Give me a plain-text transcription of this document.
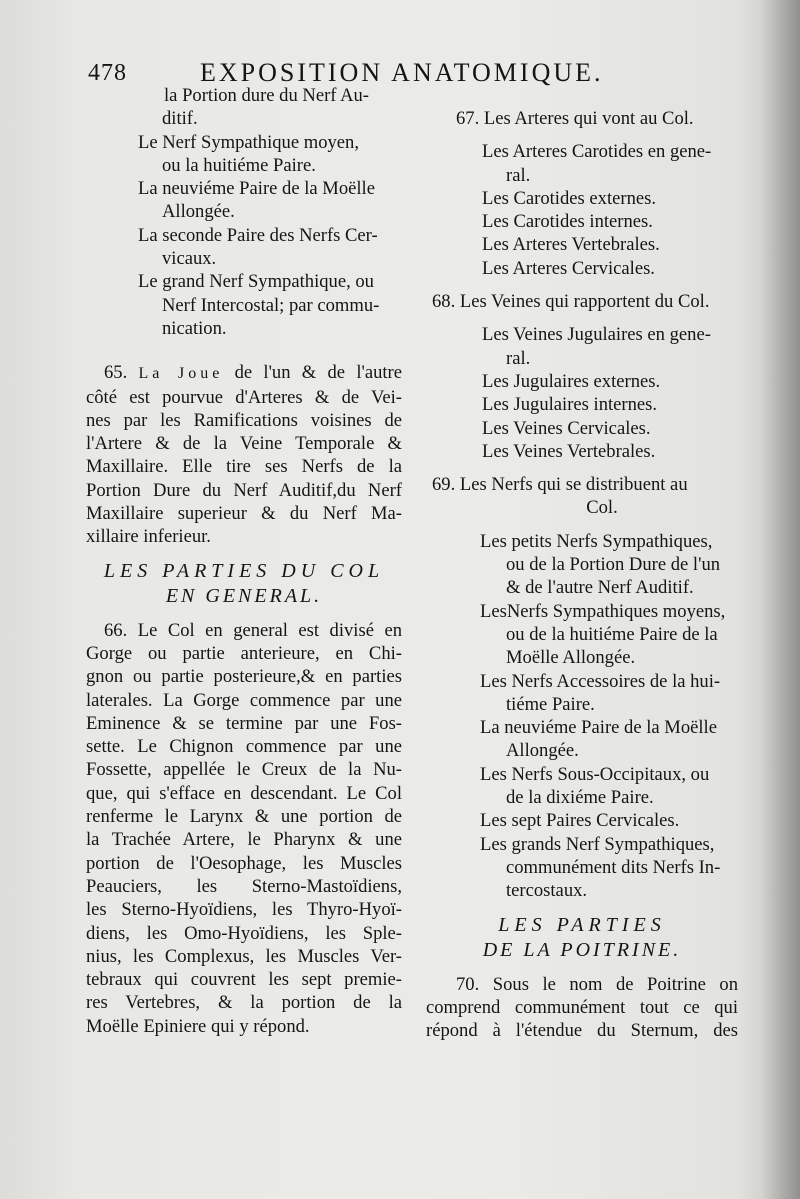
478	EXPOSITION ANATOMIQUE.
la Portion dure du Nerf Au-
ditif.
Le Nerf Sympathique moyen,
ou la huitiéme Paire.
La neuviéme Paire de la Moëlle
Allongée.
La seconde Paire des Nerfs Cer-
vicaux.
Le grand Nerf Sympathique, ou
Nerf Intercostal; par commu-
nication.
65. La Joue de l'un & de l'autre
côté est pourvue d'Arteres & de Vei-
nes par les Ramifications voisines de
l'Artere & de la Veine Temporale &
Maxillaire. Elle tire ses Nerfs de la
Portion Dure du Nerf Auditif,du Nerf
Maxillaire superieur & du Nerf Ma-
xillaire inferieur.
LES PARTIES DU COL
EN GENERAL.
66. Le Col en general est divisé en
Gorge ou partie anterieure, en Chi-
gnon ou partie posterieure,& en parties
laterales. La Gorge commence par une
Eminence & se termine par une Fos-
sette. Le Chignon commence par une
Fossette, appellée le Creux de la Nu-
que, qui s'efface en descendant. Le Col
renferme le Larynx & une portion de
la Trachée Artere, le Pharynx & une
portion de l'Oesophage, les Muscles
Peauciers, les Sterno-Mastoïdiens,
les Sterno-Hyoïdiens, les Thyro-Hyoï-
diens, les Omo-Hyoïdiens, les Sple-
nius, les Complexus, les Muscles Ver-
tebraux qui couvrent les sept premie-
res Vertebres, & la portion de la
Moëlle Epiniere qui y répond.
67. Les Arteres qui vont au Col.
Les Arteres Carotides en gene-
ral.
Les Carotides externes.
Les Carotides internes.
Les Arteres Vertebrales.
Les Arteres Cervicales.
68. Les Veines qui rapportent du Col.
Les Veines Jugulaires en gene-
ral.
Les Jugulaires externes.
Les Jugulaires internes.
Les Veines Cervicales.
Les Veines Vertebrales.
69. Les Nerfs qui se distribuent au
Col.
Les petits Nerfs Sympathiques,
ou de la Portion Dure de l'un
& de l'autre Nerf Auditif.
LesNerfs Sympathiques moyens,
ou de la huitiéme Paire de la
Moëlle Allongée.
Les Nerfs Accessoires de la hui-
tiéme Paire.
La neuviéme Paire de la Moëlle
Allongée.
Les Nerfs Sous-Occipitaux, ou
de la dixiéme Paire.
Les sept Paires Cervicales.
Les grands Nerf Sympathiques,
communément dits Nerfs In-
tercostaux.
LES PARTIES
DE LA POITRINE.
70. Sous le nom de Poitrine on
comprend communément tout ce qui
répond à l'étendue du Sternum, des
